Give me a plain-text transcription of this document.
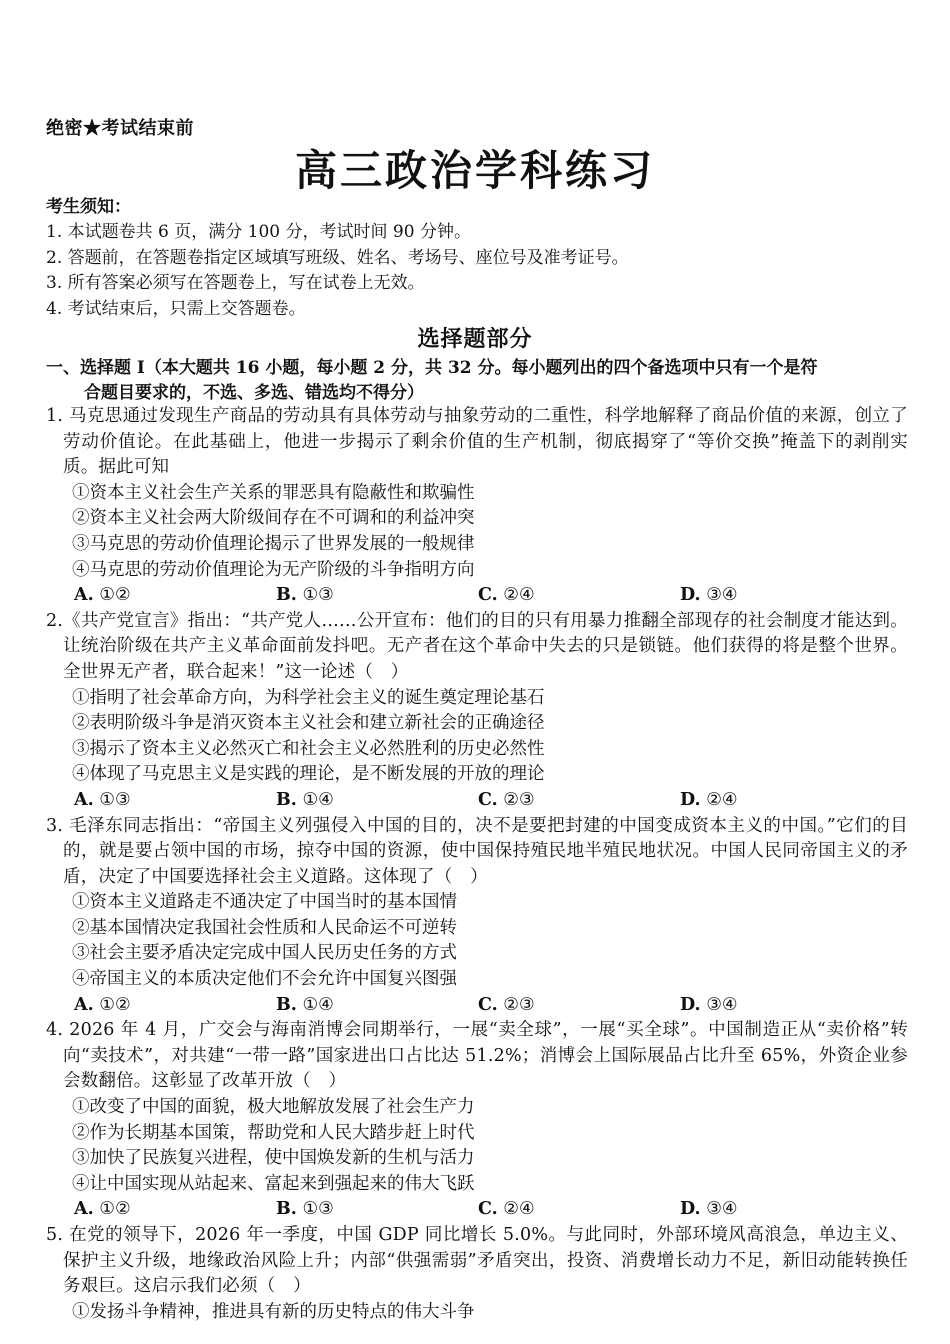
绝密★考试结束前
高三政治学科练习
考生须知：
1. 本试题卷共 6 页，满分 100 分，考试时间 90 分钟。
2. 答题前，在答题卷指定区域填写班级、姓名、考场号、座位号及准考证号。
3. 所有答案必须写在答题卷上，写在试卷上无效。
4. 考试结束后，只需上交答题卷。
选择题部分
一、选择题 I（本大题共 16 小题，每小题 2 分，共 32 分。每小题列出的四个备选项中只有一个是符
合题目要求的，不选、多选、错选均不得分）
1. 马克思通过发现生产商品的劳动具有具体劳动与抽象劳动的二重性，科学地解释了商品价值的来源，创立了劳动价值论。在此基础上，他进一步揭示了剩余价值的生产机制，彻底揭穿了“等价交换”掩盖下的剥削实质。据此可知
①资本主义社会生产关系的罪恶具有隐蔽性和欺骗性
②资本主义社会两大阶级间存在不可调和的利益冲突
③马克思的劳动价值理论揭示了世界发展的一般规律
④马克思的劳动价值理论为无产阶级的斗争指明方向
A. ①②	B. ①③	C. ②④	D. ③④
2.《共产党宣言》指出：“共产党人……公开宣布：他们的目的只有用暴力推翻全部现存的社会制度才能达到。让统治阶级在共产主义革命面前发抖吧。无产者在这个革命中失去的只是锁链。他们获得的将是整个世界。全世界无产者，联合起来！”这一论述（　）
①指明了社会革命方向，为科学社会主义的诞生奠定理论基石
②表明阶级斗争是消灭资本主义社会和建立新社会的正确途径
③揭示了资本主义必然灭亡和社会主义必然胜利的历史必然性
④体现了马克思主义是实践的理论，是不断发展的开放的理论
A. ①③	B. ①④	C. ②③	D. ②④
3. 毛泽东同志指出：“帝国主义列强侵入中国的目的，决不是要把封建的中国变成资本主义的中国。”它们的目的，就是要占领中国的市场，掠夺中国的资源，使中国保持殖民地半殖民地状况。中国人民同帝国主义的矛盾，决定了中国要选择社会主义道路。这体现了（　）
①资本主义道路走不通决定了中国当时的基本国情
②基本国情决定我国社会性质和人民命运不可逆转
③社会主要矛盾决定完成中国人民历史任务的方式
④帝国主义的本质决定他们不会允许中国复兴图强
A. ①②	B. ①④	C. ②③	D. ③④
4. 2026 年 4 月，广交会与海南消博会同期举行，一展“卖全球”，一展“买全球”。中国制造正从“卖价格”转向“卖技术”，对共建“一带一路”国家进出口占比达 51.2%；消博会上国际展品占比升至 65%，外资企业参会数翻倍。这彰显了改革开放（　）
①改变了中国的面貌，极大地解放发展了社会生产力
②作为长期基本国策，帮助党和人民大踏步赶上时代
③加快了民族复兴进程，使中国焕发新的生机与活力
④让中国实现从站起来、富起来到强起来的伟大飞跃
A. ①②	B. ①③	C. ②④	D. ③④
5. 在党的领导下，2026 年一季度，中国 GDP 同比增长 5.0%。与此同时，外部环境风高浪急，单边主义、保护主义升级，地缘政治风险上升；内部“供强需弱”矛盾突出，投资、消费增长动力不足，新旧动能转换任务艰巨。这启示我们必须（　）
①发扬斗争精神，推进具有新的历史特点的伟大斗争
